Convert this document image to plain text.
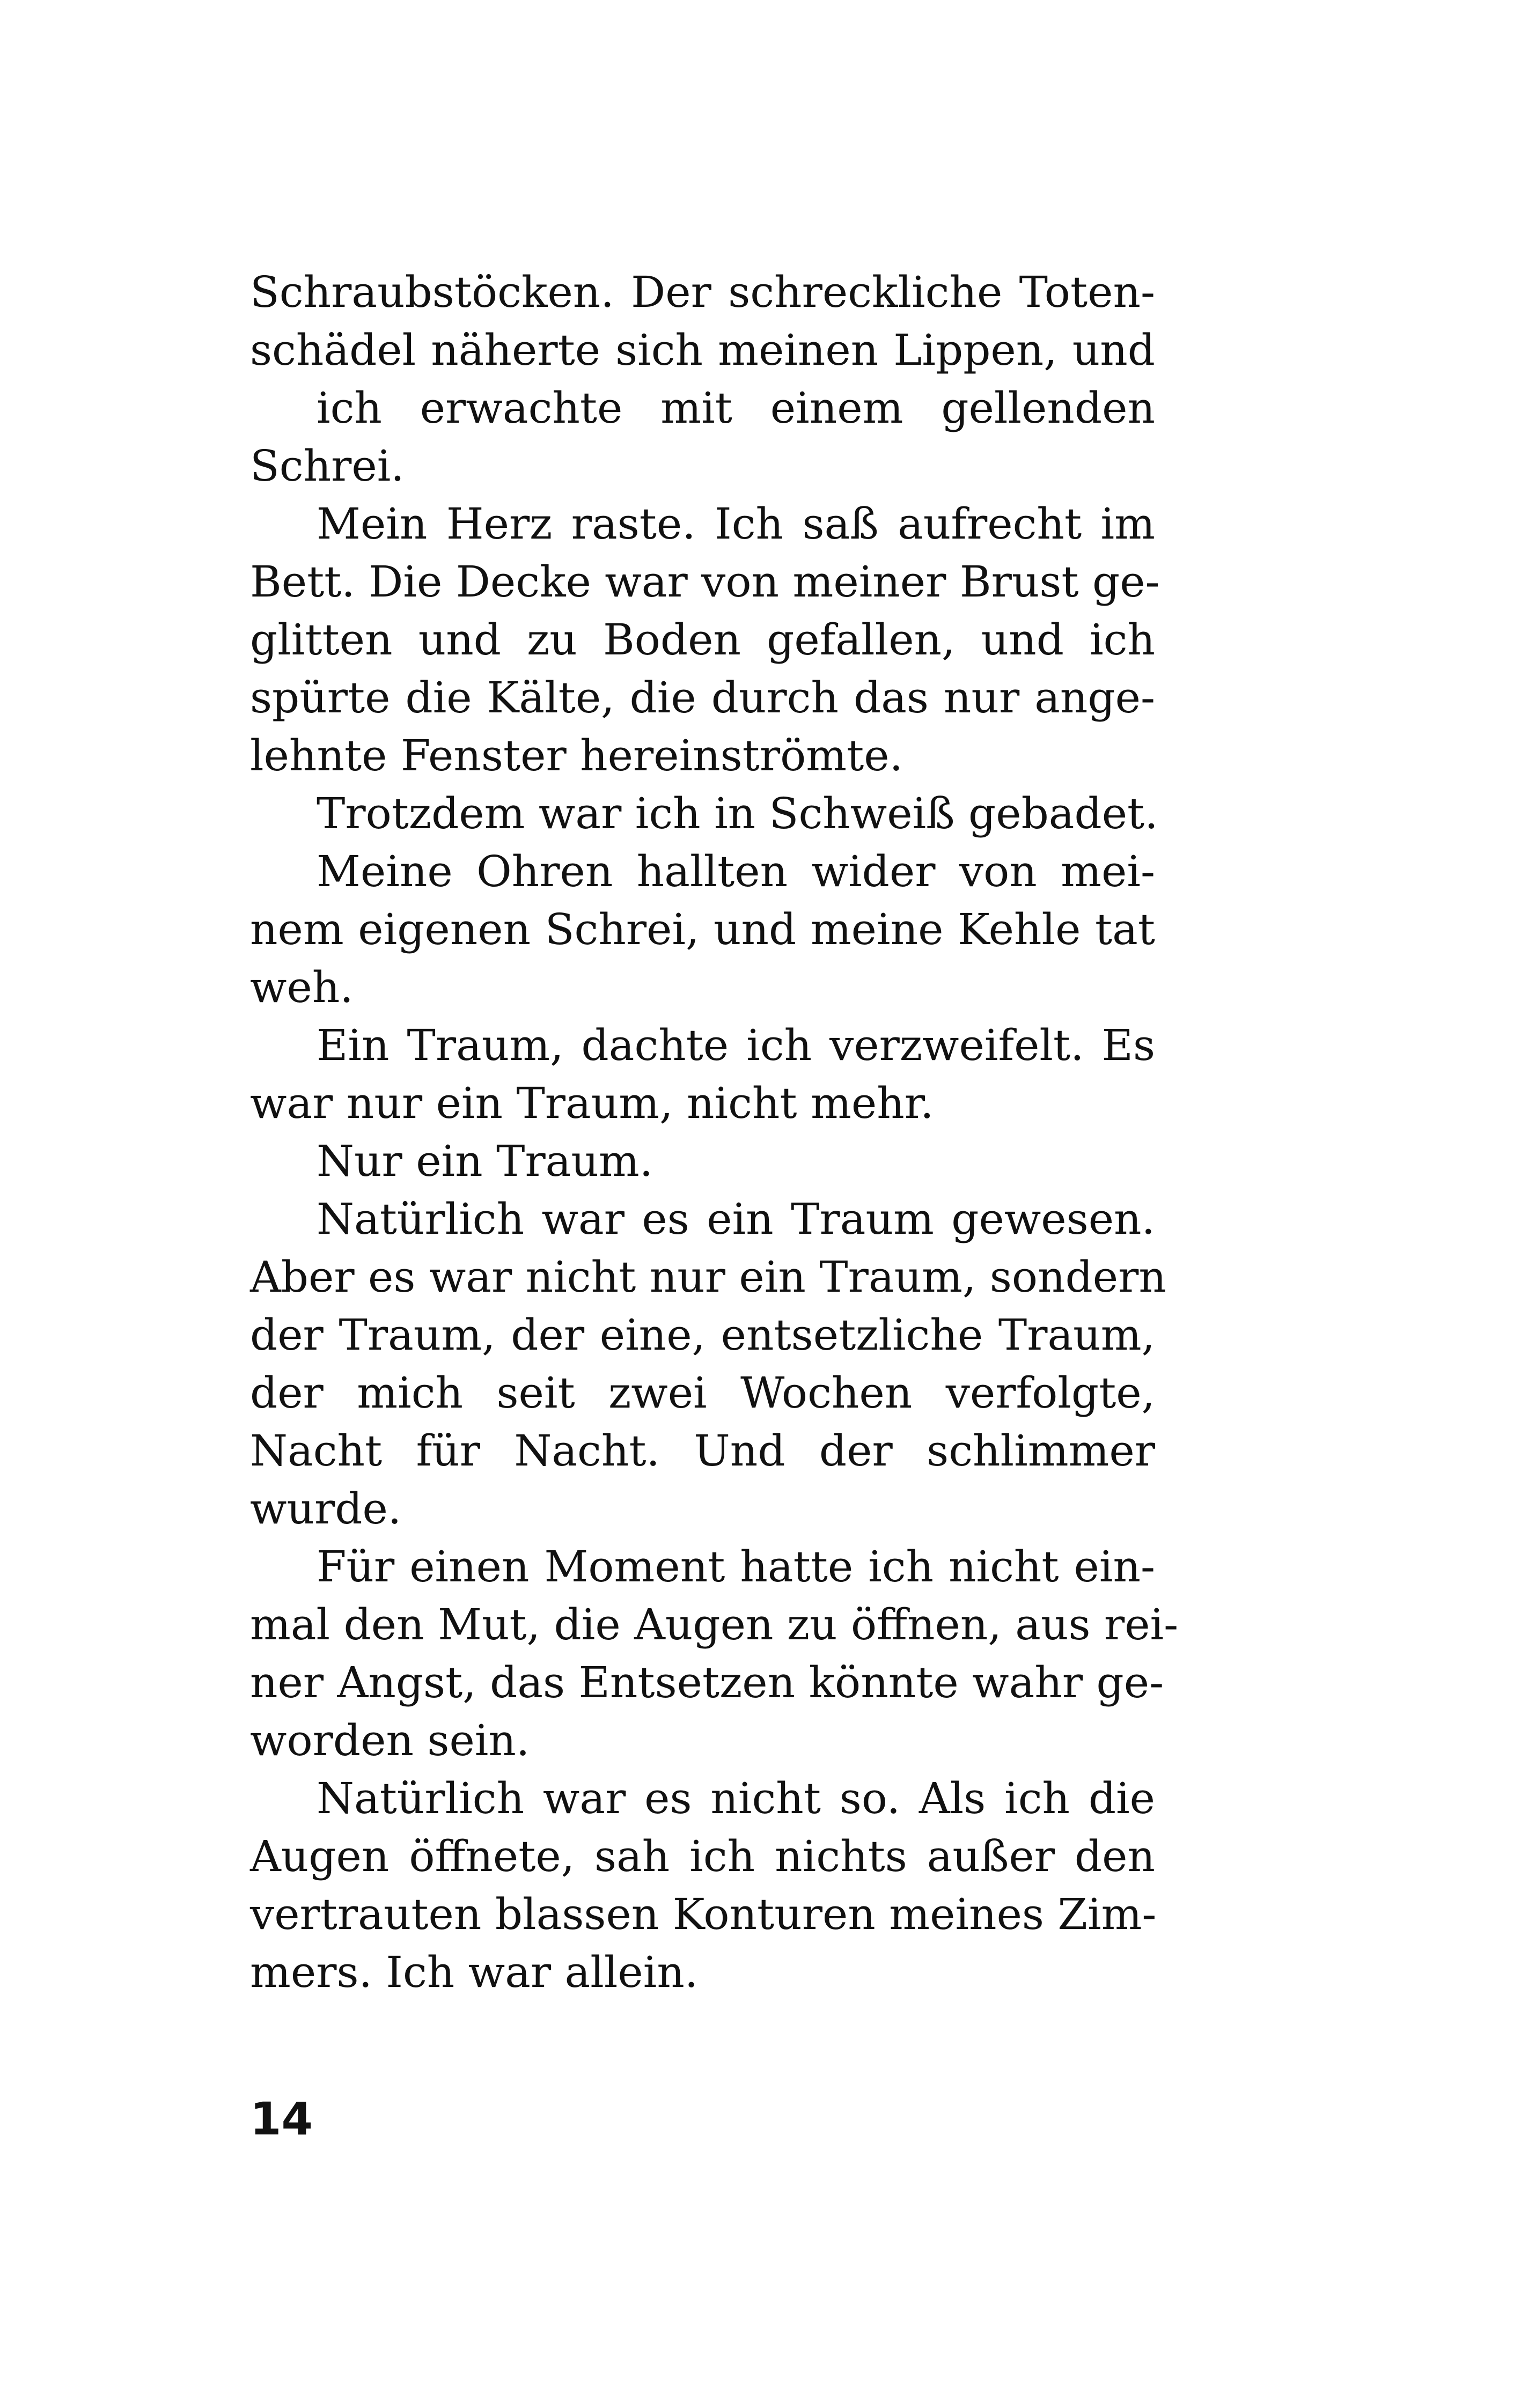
Schraubstöcken. Der schreckliche Toten-
schädel näherte sich meinen Lippen, und
ich erwachte mit einem gellenden
Schrei.
Mein Herz raste. Ich saß aufrecht im
Bett. Die Decke war von meiner Brust ge-
glitten und zu Boden gefallen, und ich
spürte die Kälte, die durch das nur ange-
lehnte Fenster hereinströmte.
Trotzdem war ich in Schweiß gebadet.
Meine Ohren hallten wider von mei-
nem eigenen Schrei, und meine Kehle tat
weh.
Ein Traum, dachte ich verzweifelt. Es
war nur ein Traum, nicht mehr.
Nur ein Traum.
Natürlich war es ein Traum gewesen.
Aber es war nicht nur ein Traum, sondern
der Traum, der eine, entsetzliche Traum,
der mich seit zwei Wochen verfolgte,
Nacht für Nacht. Und der schlimmer
wurde.
Für einen Moment hatte ich nicht ein-
mal den Mut, die Augen zu öffnen, aus rei-
ner Angst, das Entsetzen könnte wahr ge-
worden sein.
Natürlich war es nicht so. Als ich die
Augen öffnete, sah ich nichts außer den
vertrauten blassen Konturen meines Zim-
mers. Ich war allein.
14
